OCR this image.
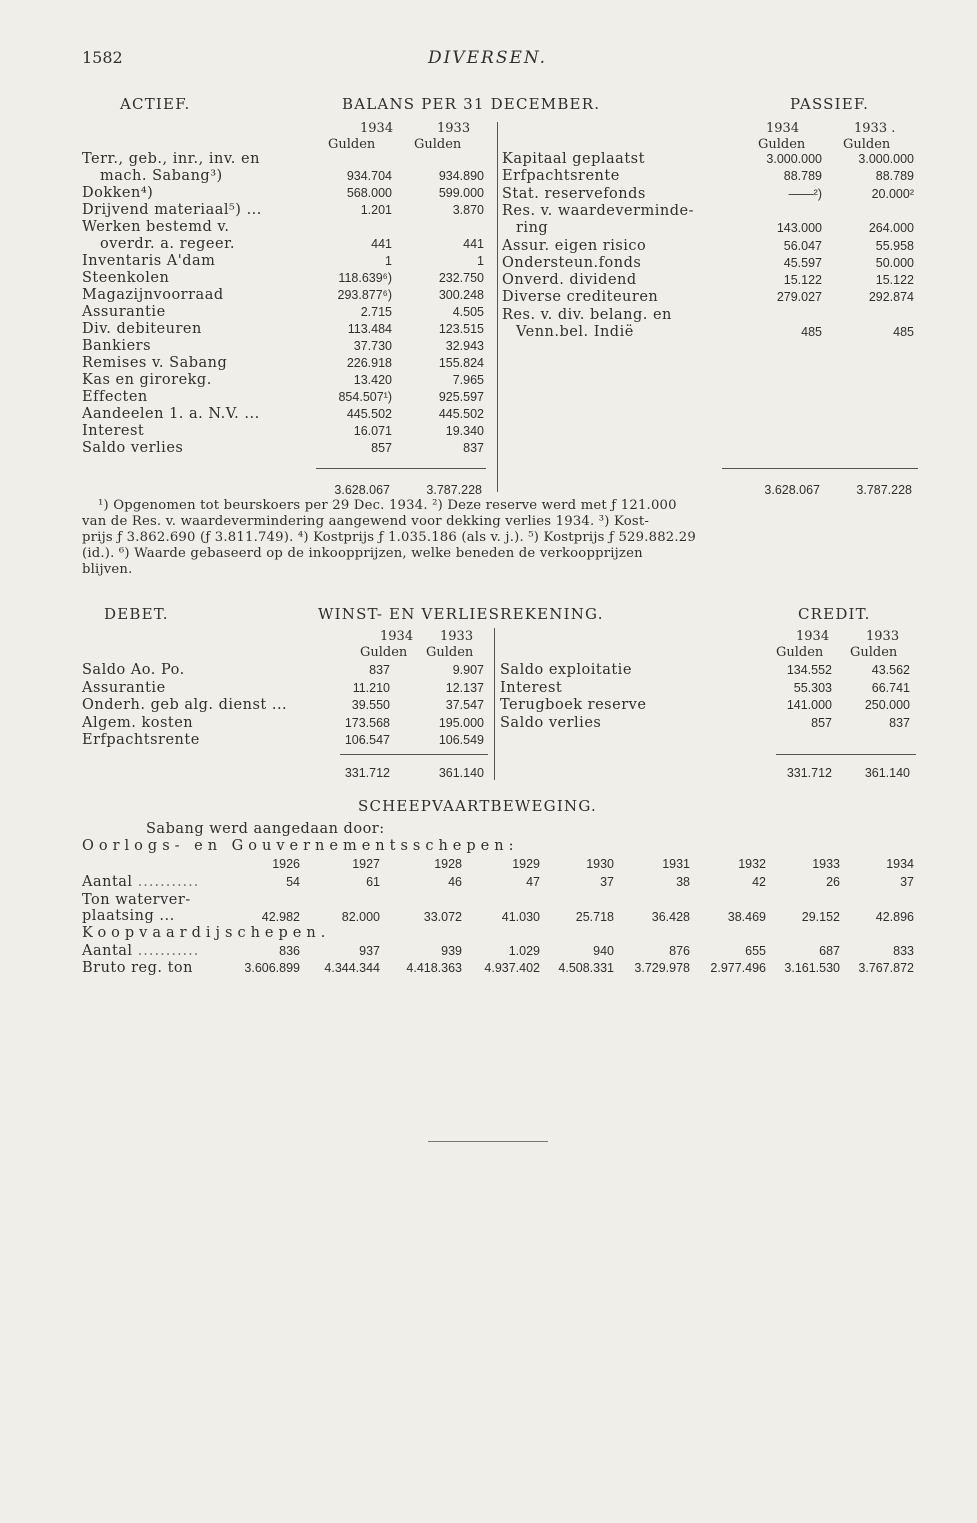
1582	DIVERSEN.
ACTIEF.	BALANS PER 31 DECEMBER.	PASSIEF.
1934	1933
Gulden	Gulden
1934	1933 .
Gulden	Gulden
Terr., geb., inr., inv. en
mach. Sabang³)	934.704	934.890
Dokken⁴)	568.000	599.000
Drijvend materiaal⁵) ...	1.201	3.870
Werken bestemd v.
overdr. a. regeer.	441	441
Inventaris A'dam	1	1
Steenkolen	118.639⁶)	232.750
Magazijnvoorraad	293.877⁶)	300.248
Assurantie	2.715	4.505
Div. debiteuren	113.484	123.515
Bankiers	37.730	32.943
Remises v. Sabang	226.918	155.824
Kas en girorekg.	13.420	7.965
Effecten	854.507¹)	925.597
Aandeelen 1. a. N.V. ...	445.502	445.502
Interest	16.071	19.340
Saldo verlies	857	837
Kapitaal geplaatst	3.000.000	3.000.000
Erfpachtsrente	88.789	88.789
Stat. reservefonds	——²)	20.000²
Res. v. waardeverminde-
ring	143.000	264.000
Assur. eigen risico	56.047	55.958
Ondersteun.fonds	45.597	50.000
Onverd. dividend	15.122	15.122
Diverse crediteuren	279.027	292.874
Res. v. div. belang. en
Venn.bel. Indië	485	485
3.628.067	3.787.228	3.628.067	3.787.228

¹) Opgenomen tot beurskoers per 29 Dec. 1934. ²) Deze reserve werd met ƒ 121.000

van de Res. v. waardevermindering aangewend voor dekking verlies 1934. ³) Kost-

prijs ƒ 3.862.690 (ƒ 3.811.749). ⁴) Kostprijs ƒ 1.035.186 (als v. j.). ⁵) Kostprijs ƒ 529.882.29

(id.). ⁶) Waarde gebaseerd op de inkoopprijzen, welke beneden de verkoopprijzen

blijven.

DEBET.	WINST- EN VERLIESREKENING.	CREDIT.
1934 1933
Gulden Gulden
1934	1933
Gulden Gulden
Saldo Ao. Po.	837	9.907
Assurantie	11.210	12.137
Onderh. geb alg. dienst ...	39.550	37.547
Algem. kosten	173.568	195.000
Erfpachtsrente	106.547	106.549
Saldo exploitatie	134.552	43.562
Interest	55.303	66.741
Terugboek reserve	141.000	250.000
Saldo verlies	857	837
331.712	361.140	331.712	361.140
SCHEEPVAARTBEWEGING.
Sabang werd aangedaan door:
Oorlogs- en Gouvernementsschepen:
1926	1927	1928	1929	1930	1931	1932	1933	1934
Aantal ...........	54	61	46	47	37	38	42	26	37
Ton waterver-
plaatsing ...	42.982	82.000	33.072	41.030	25.718	36.428	38.469	29.152	42.896
Koopvaardijschepen.
Aantal ...........	836	937	939	1.029	940	876	655	687	833
Bruto reg. ton	3.606.899	4.344.344	4.418.363	4.937.402	4.508.331	3.729.978	2.977.496	3.161.530	3.767.872
